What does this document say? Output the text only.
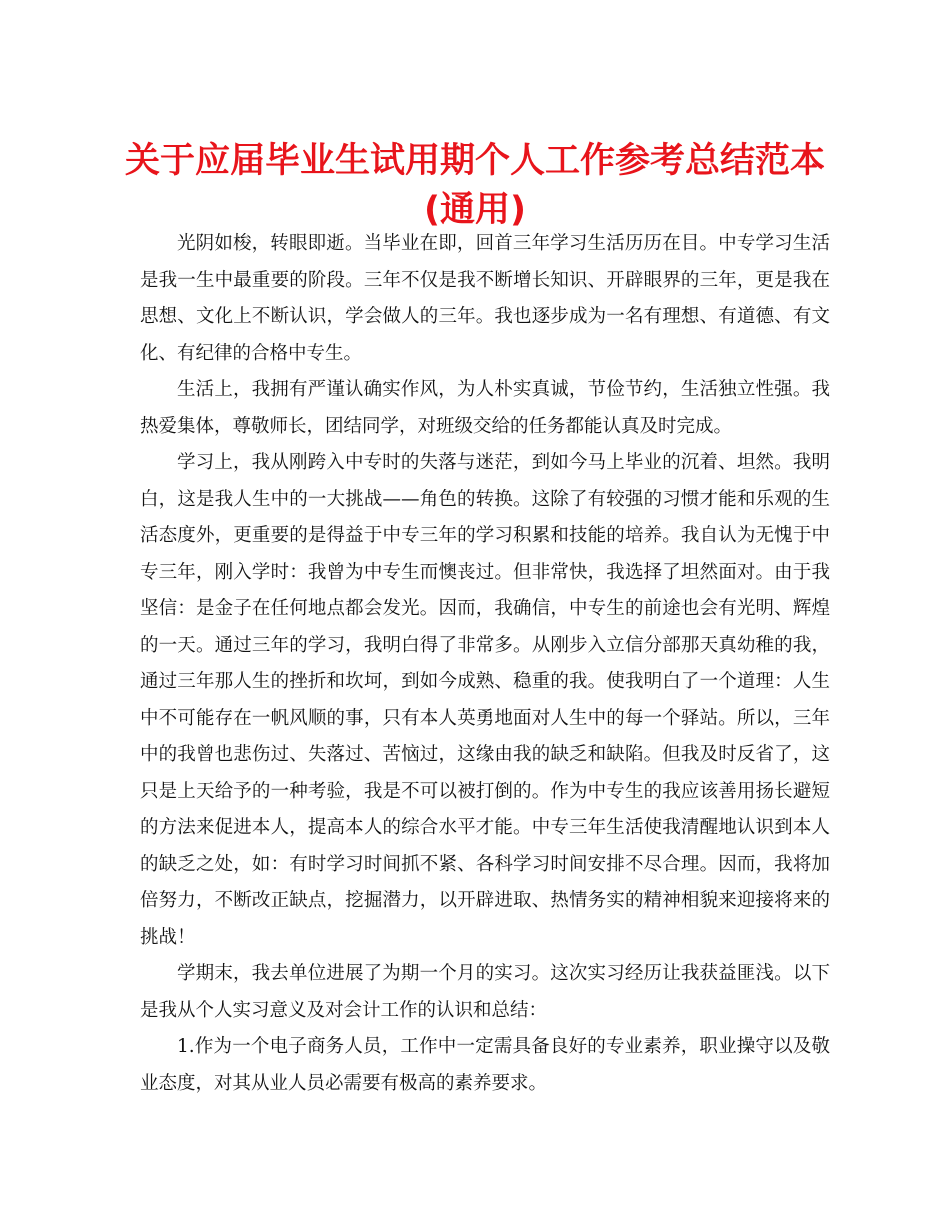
关于应届毕业生试用期个人工作参考总结范本
(通用)

光阴如梭，转眼即逝。当毕业在即，回首三年学习生活历历在目。中专学习生活是我一生中最重要的阶段。三年不仅是我不断增长知识、开辟眼界的三年，更是我在思想、文化上不断认识，学会做人的三年。我也逐步成为一名有理想、有道德、有文化、有纪律的合格中专生。

生活上，我拥有严谨认确实作风，为人朴实真诚，节俭节约，生活独立性强。我热爱集体，尊敬师长，团结同学，对班级交给的任务都能认真及时完成。

学习上，我从刚跨入中专时的失落与迷茫，到如今马上毕业的沉着、坦然。我明白，这是我人生中的一大挑战——角色的转换。这除了有较强的习惯才能和乐观的生活态度外，更重要的是得益于中专三年的学习积累和技能的培养。我自认为无愧于中专三年，刚入学时：我曾为中专生而懊丧过。但非常快，我选择了坦然面对。由于我坚信：是金子在任何地点都会发光。因而，我确信，中专生的前途也会有光明、辉煌的一天。通过三年的学习，我明白得了非常多。从刚步入立信分部那天真幼稚的我，通过三年那人生的挫折和坎坷，到如今成熟、稳重的我。使我明白了一个道理：人生中不可能存在一帆风顺的事，只有本人英勇地面对人生中的每一个驿站。所以，三年中的我曾也悲伤过、失落过、苦恼过，这缘由我的缺乏和缺陷。但我及时反省了，这只是上天给予的一种考验，我是不可以被打倒的。作为中专生的我应该善用扬长避短的方法来促进本人，提高本人的综合水平才能。中专三年生活使我清醒地认识到本人的缺乏之处，如：有时学习时间抓不紧、各科学习时间安排不尽合理。因而，我将加倍努力，不断改正缺点，挖掘潜力，以开辟进取、热情务实的精神相貌来迎接将来的挑战！

学期末，我去单位进展了为期一个月的实习。这次实习经历让我获益匪浅。以下是我从个人实习意义及对会计工作的认识和总结：

1.作为一个电子商务人员，工作中一定需具备良好的专业素养，职业操守以及敬业态度，对其从业人员必需要有极高的素养要求。
